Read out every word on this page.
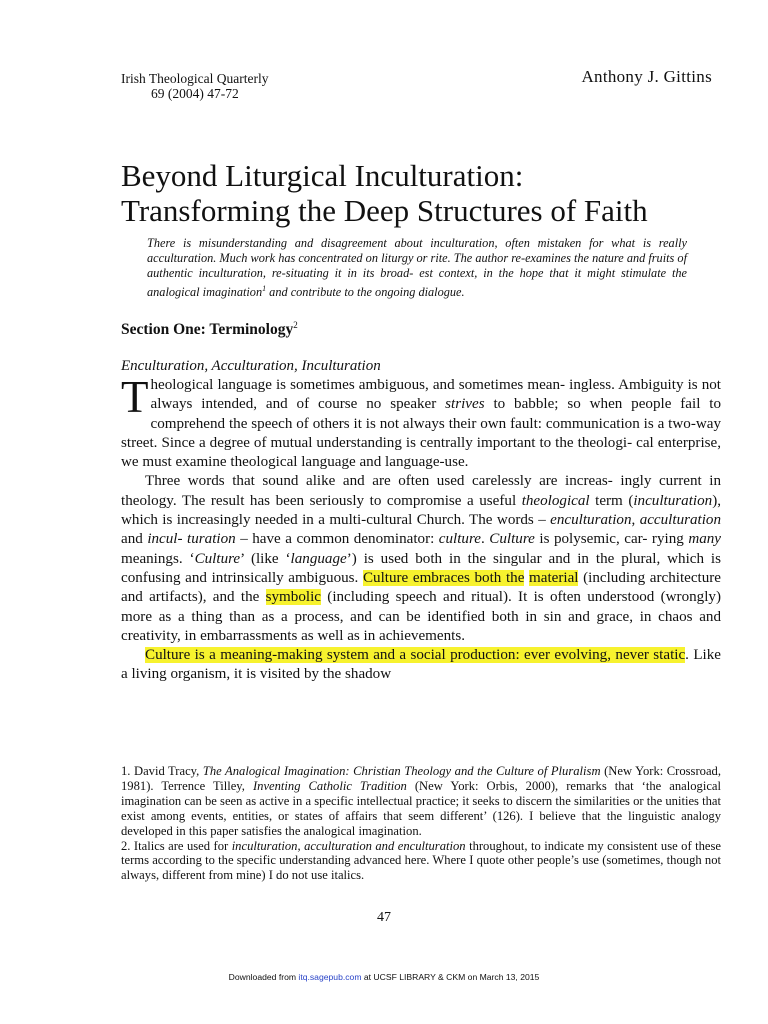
Irish Theological Quarterly
69 (2004) 47-72
Anthony J. Gittins
Beyond Liturgical Inculturation:
Transforming the Deep Structures of Faith

There is misunderstanding and disagreement about inculturation, often mistaken for what is really acculturation. Much work has concentrated on liturgy or rite. The author re-examines the nature and fruits of authentic inculturation, re-situating it in its broad- est context, in the hope that it might stimulate the analogical imagination$^1$ and contribute to the ongoing dialogue.

Section One: Terminology$^2$
Enculturation, Acculturation, Inculturation

Theological language is sometimes ambiguous, and sometimes mean- ingless. Ambiguity is not always intended, and of course no speaker strives to babble; so when people fail to comprehend the speech of others it is not always their own fault: communication is a two-way street. Since a degree of mutual understanding is centrally important to the theologi- cal enterprise, we must examine theological language and language-use.

Three words that sound alike and are often used carelessly are increas- ingly current in theology. The result has been seriously to compromise a useful theological term (inculturation), which is increasingly needed in a multi-cultural Church. The words – enculturation, acculturation and incul- turation – have a common denominator: culture. Culture is polysemic, car- rying many meanings. ‘Culture’ (like ‘language’) is used both in the singular and in the plural, which is confusing and intrinsically ambiguous. Culture embraces both the material (including architecture and artifacts), and the symbolic (including speech and ritual). It is often understood (wrongly) more as a thing than as a process, and can be identified both in sin and grace, in chaos and creativity, in embarrassments as well as in achievements.

Culture is a meaning-making system and a social production: ever evolving, never static. Like a living organism, it is visited by the shadow

1. David Tracy, The Analogical Imagination: Christian Theology and the Culture of Pluralism (New York: Crossroad, 1981). Terrence Tilley, Inventing Catholic Tradition (New York: Orbis, 2000), remarks that ‘the analogical imagination can be seen as active in a specific intellectual practice; it seeks to discern the similarities or the unities that exist among events, entities, or states of affairs that seem different’ (126). I believe that the linguistic analogy developed in this paper satisfies the analogical imagination.

2. Italics are used for inculturation, acculturation and enculturation throughout, to indicate my consistent use of these terms according to the specific understanding advanced here. Where I quote other people’s use (sometimes, though not always, different from mine) I do not use italics.

47
Downloaded from itq.sagepub.com at UCSF LIBRARY & CKM on March 13, 2015
